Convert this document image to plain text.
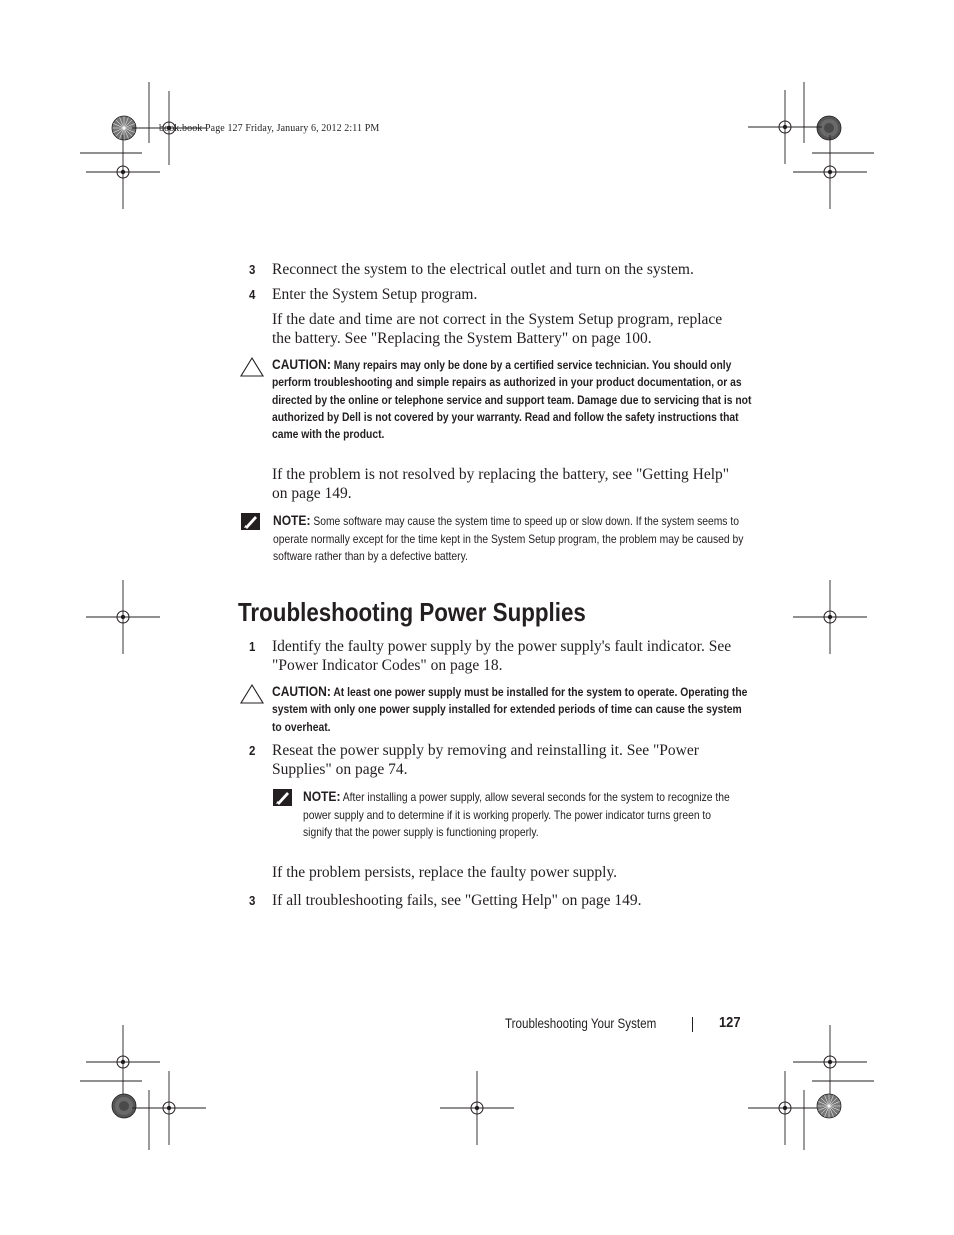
book.book Page 127 Friday, January 6, 2012 2:11 PM
3 Reconnect the system to the electrical outlet and turn on the system.
4 Enter the System Setup program.
If the date and time are not correct in the System Setup program, replace the battery. See "Replacing the System Battery" on page 100.
CAUTION: Many repairs may only be done by a certified service technician. You should only perform troubleshooting and simple repairs as authorized in your product documentation, or as directed by the online or telephone service and support team. Damage due to servicing that is not authorized by Dell is not covered by your warranty. Read and follow the safety instructions that came with the product.
If the problem is not resolved by replacing the battery, see "Getting Help" on page 149.
NOTE: Some software may cause the system time to speed up or slow down. If the system seems to operate normally except for the time kept in the System Setup program, the problem may be caused by software rather than by a defective battery.
Troubleshooting Power Supplies
1 Identify the faulty power supply by the power supply's fault indicator. See "Power Indicator Codes" on page 18.
CAUTION: At least one power supply must be installed for the system to operate. Operating the system with only one power supply installed for extended periods of time can cause the system to overheat.
2 Reseat the power supply by removing and reinstalling it. See "Power Supplies" on page 74.
NOTE: After installing a power supply, allow several seconds for the system to recognize the power supply and to determine if it is working properly. The power indicator turns green to signify that the power supply is functioning properly.
If the problem persists, replace the faulty power supply.
3 If all troubleshooting fails, see "Getting Help" on page 149.
Troubleshooting Your System	127
